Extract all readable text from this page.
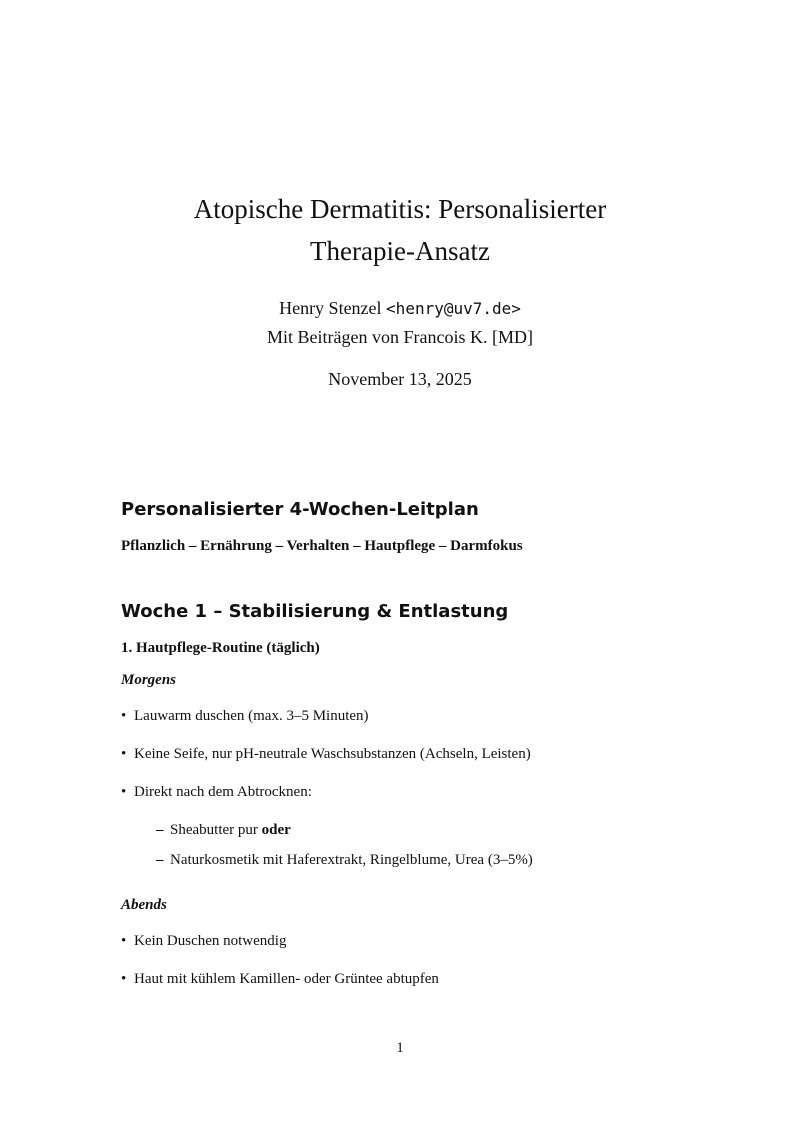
Atopische Dermatitis: Personalisierter
Therapie-Ansatz
Henry Stenzel <henry@uv7.de>
Mit Beiträgen von Francois K. [MD]
November 13, 2025
Personalisierter 4-Wochen-Leitplan
Pflanzlich – Ernährung – Verhalten – Hautpflege – Darmfokus
Woche 1 – Stabilisierung & Entlastung
1. Hautpflege-Routine (täglich)
Morgens
• Lauwarm duschen (max. 3–5 Minuten)
• Keine Seife, nur pH-neutrale Waschsubstanzen (Achseln, Leisten)
• Direkt nach dem Abtrocknen:
– Sheabutter pur oder
– Naturkosmetik mit Haferextrakt, Ringelblume, Urea (3–5%)
Abends
• Kein Duschen notwendig
• Haut mit kühlem Kamillen- oder Grüntee abtupfen
1
